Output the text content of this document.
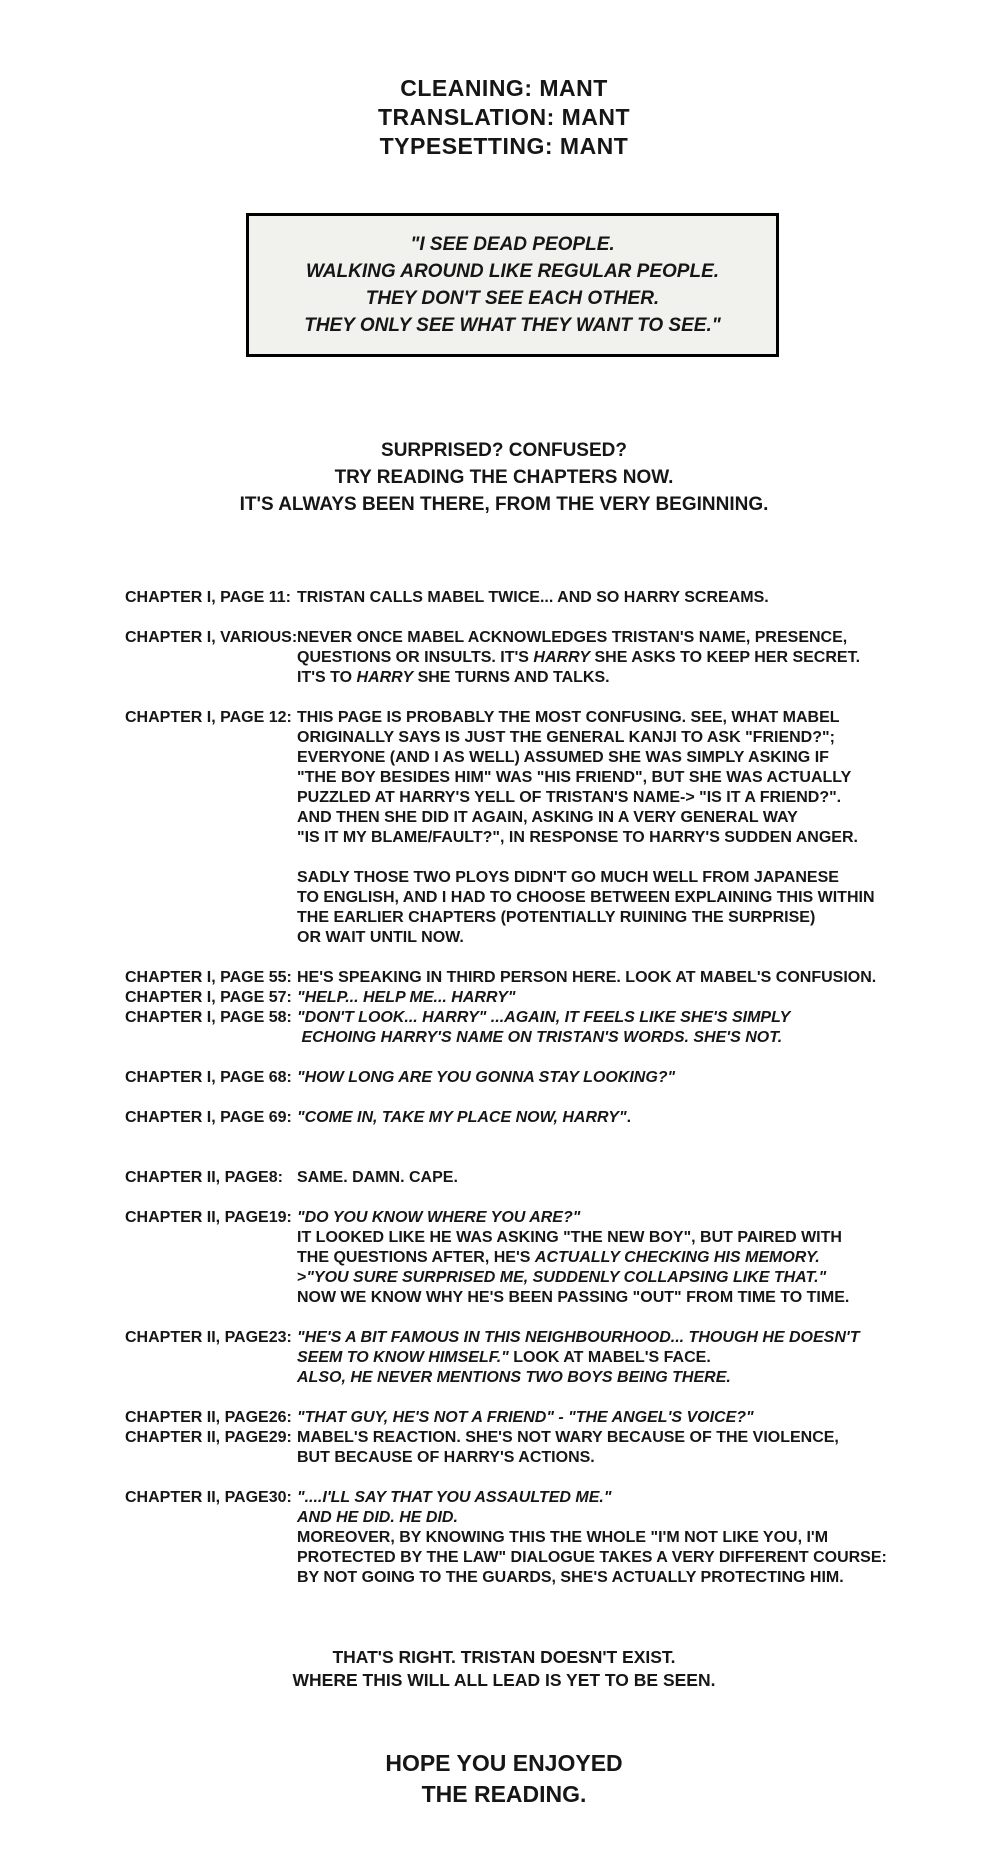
CLEANING: MANT
TRANSLATION: MANT
TYPESETTING: MANT
"I SEE DEAD PEOPLE.
WALKING AROUND LIKE REGULAR PEOPLE.
THEY DON'T SEE EACH OTHER.
THEY ONLY SEE WHAT THEY WANT TO SEE."
SURPRISED? CONFUSED?
TRY READING THE CHAPTERS NOW.
IT'S ALWAYS BEEN THERE, FROM THE VERY BEGINNING.
CHAPTER I, PAGE 11: TRISTAN CALLS MABEL TWICE... AND SO HARRY SCREAMS.
CHAPTER I, VARIOUS: NEVER ONCE MABEL ACKNOWLEDGES TRISTAN'S NAME, PRESENCE,
QUESTIONS OR INSULTS. IT'S HARRY SHE ASKS TO KEEP HER SECRET.
IT'S TO HARRY SHE TURNS AND TALKS.
CHAPTER I, PAGE 12: THIS PAGE IS PROBABLY THE MOST CONFUSING. SEE, WHAT MABEL
ORIGINALLY SAYS IS JUST THE GENERAL KANJI TO ASK "FRIEND?";
EVERYONE (AND I AS WELL) ASSUMED SHE WAS SIMPLY ASKING IF
"THE BOY BESIDES HIM" WAS "HIS FRIEND", BUT SHE WAS ACTUALLY
PUZZLED AT HARRY'S YELL OF TRISTAN'S NAME-> "IS IT A FRIEND?".
AND THEN SHE DID IT AGAIN, ASKING IN A VERY GENERAL WAY
"IS IT MY BLAME/FAULT?", IN RESPONSE TO HARRY'S SUDDEN ANGER.

SADLY THOSE TWO PLOYS DIDN'T GO MUCH WELL FROM JAPANESE
TO ENGLISH, AND I HAD TO CHOOSE BETWEEN EXPLAINING THIS WITHIN
THE EARLIER CHAPTERS (POTENTIALLY RUINING THE SURPRISE)
OR WAIT UNTIL NOW.
CHAPTER I, PAGE 55: HE'S SPEAKING IN THIRD PERSON HERE. LOOK AT MABEL'S CONFUSION.
CHAPTER I, PAGE 57: "HELP... HELP ME... HARRY"
CHAPTER I, PAGE 58: "DON'T LOOK... HARRY" ...AGAIN, IT FEELS LIKE SHE'S SIMPLY
ECHOING HARRY'S NAME ON TRISTAN'S WORDS. SHE'S NOT.
CHAPTER I, PAGE 68: "HOW LONG ARE YOU GONNA STAY LOOKING?"
CHAPTER I, PAGE 69: "COME IN, TAKE MY PLACE NOW, HARRY".
CHAPTER II, PAGE8: SAME. DAMN. CAPE.
CHAPTER II, PAGE19: "DO YOU KNOW WHERE YOU ARE?"
IT LOOKED LIKE HE WAS ASKING "THE NEW BOY", BUT PAIRED WITH
THE QUESTIONS AFTER, HE'S ACTUALLY CHECKING HIS MEMORY.
>"YOU SURE SURPRISED ME, SUDDENLY COLLAPSING LIKE THAT."
NOW WE KNOW WHY HE'S BEEN PASSING "OUT" FROM TIME TO TIME.
CHAPTER II, PAGE23: "HE'S A BIT FAMOUS IN THIS NEIGHBOURHOOD... THOUGH HE DOESN'T
SEEM TO KNOW HIMSELF." LOOK AT MABEL'S FACE.
ALSO, HE NEVER MENTIONS TWO BOYS BEING THERE.
CHAPTER II, PAGE26: "THAT GUY, HE'S NOT A FRIEND" - "THE ANGEL'S VOICE?"
CHAPTER II, PAGE29: MABEL'S REACTION. SHE'S NOT WARY BECAUSE OF THE VIOLENCE,
BUT BECAUSE OF HARRY'S ACTIONS.
CHAPTER II, PAGE30: "....I'LL SAY THAT YOU ASSAULTED ME."
AND HE DID. HE DID.
MOREOVER, BY KNOWING THIS THE WHOLE "I'M NOT LIKE YOU, I'M
PROTECTED BY THE LAW" DIALOGUE TAKES A VERY DIFFERENT COURSE:
BY NOT GOING TO THE GUARDS, SHE'S ACTUALLY PROTECTING HIM.
THAT'S RIGHT. TRISTAN DOESN'T EXIST.
WHERE THIS WILL ALL LEAD IS YET TO BE SEEN.
HOPE YOU ENJOYED
THE READING.
